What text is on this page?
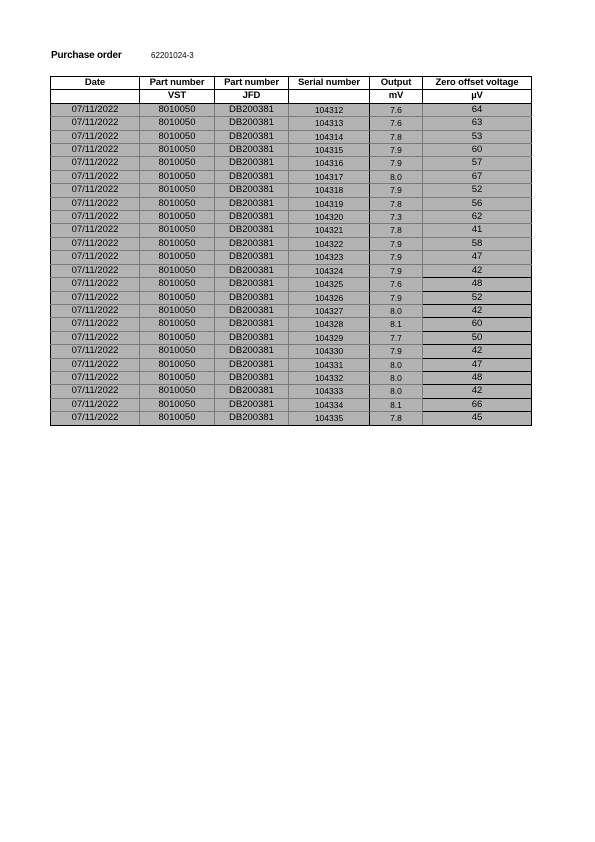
Purchase order	62201024-3
Date	Part number	Part number	Serial number	Output	Zero offset voltage
	VST	JFD		mV	µV
07/11/2022	8010050	DB200381	104312	7.6	64
07/11/2022	8010050	DB200381	104313	7.6	63
07/11/2022	8010050	DB200381	104314	7.8	53
07/11/2022	8010050	DB200381	104315	7.9	60
07/11/2022	8010050	DB200381	104316	7.9	57
07/11/2022	8010050	DB200381	104317	8.0	67
07/11/2022	8010050	DB200381	104318	7.9	52
07/11/2022	8010050	DB200381	104319	7.8	56
07/11/2022	8010050	DB200381	104320	7.3	62
07/11/2022	8010050	DB200381	104321	7.8	41
07/11/2022	8010050	DB200381	104322	7.9	58
07/11/2022	8010050	DB200381	104323	7.9	47
07/11/2022	8010050	DB200381	104324	7.9	42
07/11/2022	8010050	DB200381	104325	7.6	48
07/11/2022	8010050	DB200381	104326	7.9	52
07/11/2022	8010050	DB200381	104327	8.0	42
07/11/2022	8010050	DB200381	104328	8.1	60
07/11/2022	8010050	DB200381	104329	7.7	50
07/11/2022	8010050	DB200381	104330	7.9	42
07/11/2022	8010050	DB200381	104331	8.0	47
07/11/2022	8010050	DB200381	104332	8.0	48
07/11/2022	8010050	DB200381	104333	8.0	42
07/11/2022	8010050	DB200381	104334	8.1	66
07/11/2022	8010050	DB200381	104335	7.8	45
